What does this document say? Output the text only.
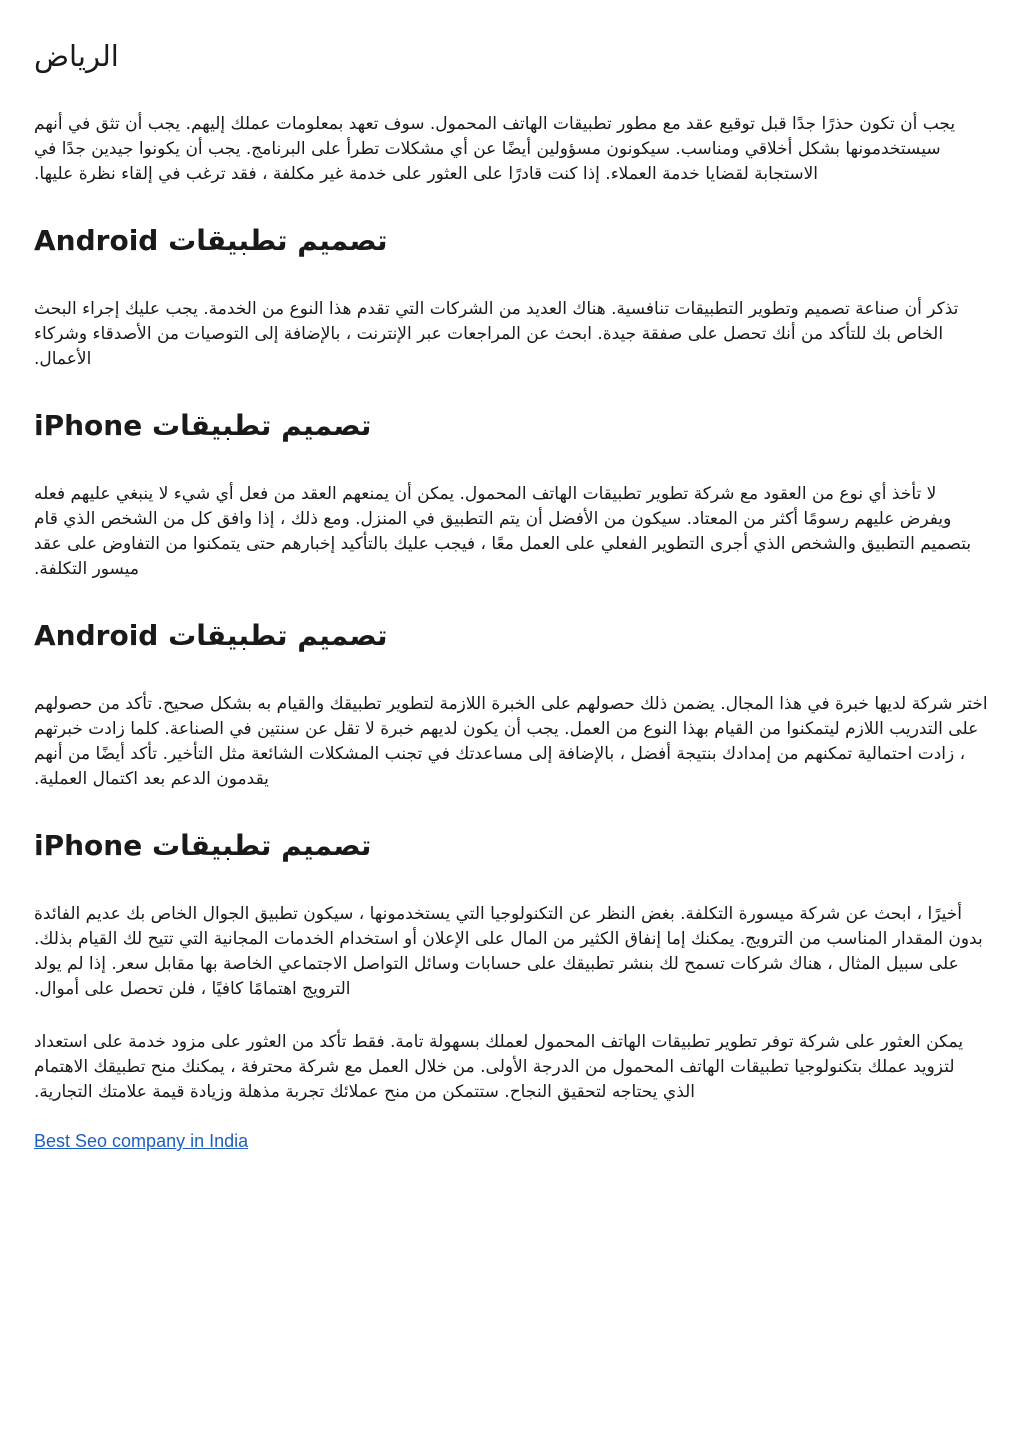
الرياض

يجب أن تكون حذرًا جدًا قبل توقيع عقد مع مطور تطبيقات الهاتف المحمول. سوف تعهد بمعلومات عملك إليهم. يجب أن تثق في أنهم سيستخدمونها بشكل أخلاقي ومناسب. سيكونون مسؤولين أيضًا عن أي مشكلات تطرأ على البرنامج. يجب أن يكونوا جيدين جدًا في الاستجابة لقضايا خدمة العملاء. إذا كنت قادرًا على العثور على خدمة غير مكلفة ، فقد ترغب في إلقاء نظرة عليها.

تصميم تطبيقات Android

تذكر أن صناعة تصميم وتطوير التطبيقات تنافسية. هناك العديد من الشركات التي تقدم هذا النوع من الخدمة. يجب عليك إجراء البحث الخاص بك للتأكد من أنك تحصل على صفقة جيدة. ابحث عن المراجعات عبر الإنترنت ، بالإضافة إلى التوصيات من الأصدقاء وشركاء الأعمال.

تصميم تطبيقات iPhone

لا تأخذ أي نوع من العقود مع شركة تطوير تطبيقات الهاتف المحمول. يمكن أن يمنعهم العقد من فعل أي شيء لا ينبغي عليهم فعله ويفرض عليهم رسومًا أكثر من المعتاد. سيكون من الأفضل أن يتم التطبيق في المنزل. ومع ذلك ، إذا وافق كل من الشخص الذي قام بتصميم التطبيق والشخص الذي أجرى التطوير الفعلي على العمل معًا ، فيجب عليك بالتأكيد إخبارهم حتى يتمكنوا من التفاوض على عقد ميسور التكلفة.

تصميم تطبيقات Android

اختر شركة لديها خبرة في هذا المجال. يضمن ذلك حصولهم على الخبرة اللازمة لتطوير تطبيقك والقيام به بشكل صحيح. تأكد من حصولهم على التدريب اللازم ليتمكنوا من القيام بهذا النوع من العمل. يجب أن يكون لديهم خبرة لا تقل عن سنتين في الصناعة. كلما زادت خبرتهم ، زادت احتمالية تمكنهم من إمدادك بنتيجة أفضل ، بالإضافة إلى مساعدتك في تجنب المشكلات الشائعة مثل التأخير. تأكد أيضًا من أنهم يقدمون الدعم بعد اكتمال العملية.

تصميم تطبيقات iPhone

أخيرًا ، ابحث عن شركة ميسورة التكلفة. بغض النظر عن التكنولوجيا التي يستخدمونها ، سيكون تطبيق الجوال الخاص بك عديم الفائدة بدون المقدار المناسب من الترويج. يمكنك إما إنفاق الكثير من المال على الإعلان أو استخدام الخدمات المجانية التي تتيح لك القيام بذلك. على سبيل المثال ، هناك شركات تسمح لك بنشر تطبيقك على حسابات وسائل التواصل الاجتماعي الخاصة بها مقابل سعر. إذا لم يولد الترويج اهتمامًا كافيًا ، فلن تحصل على أموال.

يمكن العثور على شركة توفر تطوير تطبيقات الهاتف المحمول لعملك بسهولة تامة. فقط تأكد من العثور على مزود خدمة على استعداد لتزويد عملك بتكنولوجيا تطبيقات الهاتف المحمول من الدرجة الأولى. من خلال العمل مع شركة محترفة ، يمكنك منح تطبيقك الاهتمام الذي يحتاجه لتحقيق النجاح. ستتمكن من منح عملائك تجربة مذهلة وزيادة قيمة علامتك التجارية.

Best Seo company in India
